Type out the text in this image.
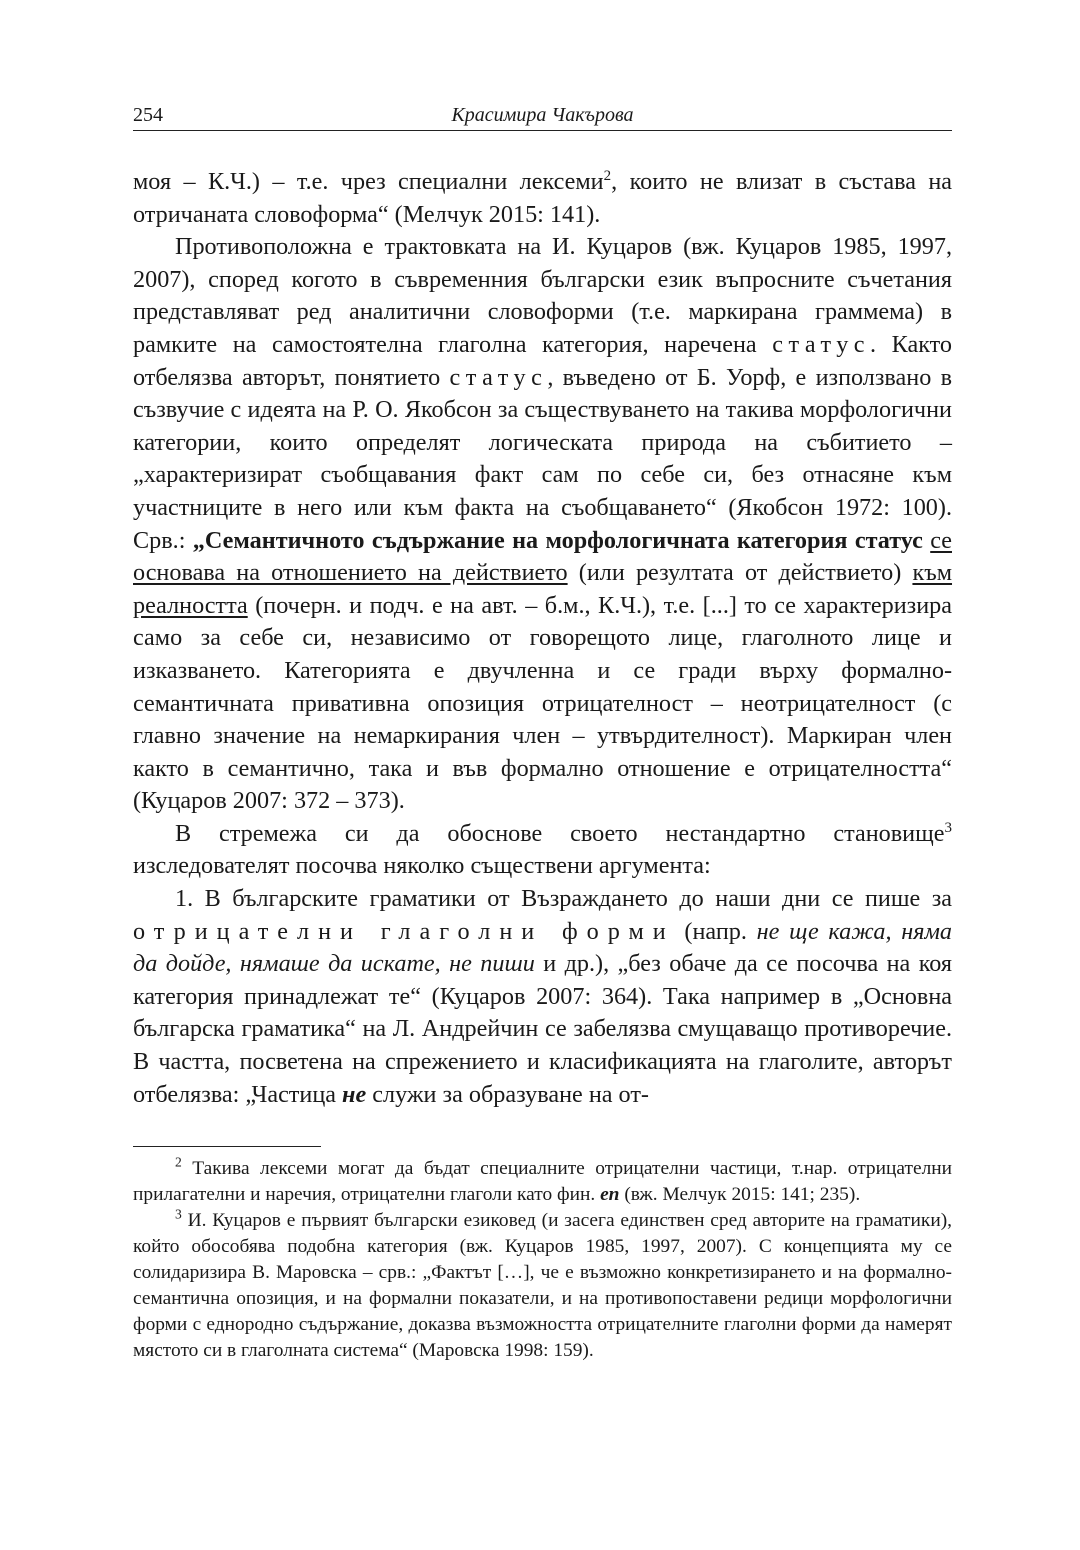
254	Красимира Чакърова

моя – К.Ч.) – т.е. чрез специални лексеми$^2$, които не влизат в състава на отричаната словоформа“ (Мелчук 2015: 141).

Противоположна е трактовката на И. Куцаров (вж. Куцаров 1985, 1997, 2007), според когото в съвременния български език въпросните съчетания представляват ред аналитични словоформи (т.е. маркирана граммема) в рамките на самостоятелна глаголна категория, наречена статус. Както отбелязва авторът, понятието статус, въведено от Б. Уорф, е използвано в съзвучие с идеята на Р. О. Якобсон за съществуването на такива морфологични категории, които определят логическата природа на събитието – „характеризират съобщавания факт сам по себе си, без отнасяне към участниците в него или към факта на съобщаването“ (Якобсон 1972: 100). Срв.: „Семантичното съдържание на морфологичната категория статус се основава на отношението на действието (или резултата от действието) към реалността (почерн. и подч. е на авт. – б.м., К.Ч.), т.е. [...] то се характеризира само за себе си, независимо от говорещото лице, глаголното лице и изказването. Категорията е двучленна и се гради върху формално-семантичната привативна опозиция отрицателност – неотрицателност (с главно значение на немаркирания член – утвърдителност). Маркиран член както в семантично, така и във формално отношение е отрицателността“ (Куцаров 2007: 372 – 373).

В стремежа си да обоснове своето нестандартно становище$^3$ изследователят посочва няколко съществени аргумента:

1. В българските граматики от Възраждането до наши дни се пише за отрицателни глаголни форми (напр. не ще кажа, няма да дойде, нямаше да искате, не пиши и др.), „без обаче да се посочва на коя категория принадлежат те“ (Куцаров 2007: 364). Така например в „Основна българска граматика“ на Л. Андрейчин се забелязва смущаващо противоречие. В частта, посветена на спрежението и класификацията на глаголите, авторът отбелязва: „Частица не служи за образуване на от-

$^2$ Такива лексеми могат да бъдат специалните отрицателни частици, т.нар. отрицателни прилагателни и наречия, отрицателни глаголи като фин. en (вж. Мелчук 2015: 141; 235).

$^3$ И. Куцаров е първият български езиковед (и засега единствен сред авторите на граматики), който обособява подобна категория (вж. Куцаров 1985, 1997, 2007). С концепцията му се солидаризира В. Маровска – срв.: „Фактът […], че е възможно конкретизирането и на формално-семантична опозиция, и на формални показатели, и на противопоставени редици морфологични форми с еднородно съдържание, доказва възможността отрицателните глаголни форми да намерят мястото си в глаголната система“ (Маровска 1998: 159).
